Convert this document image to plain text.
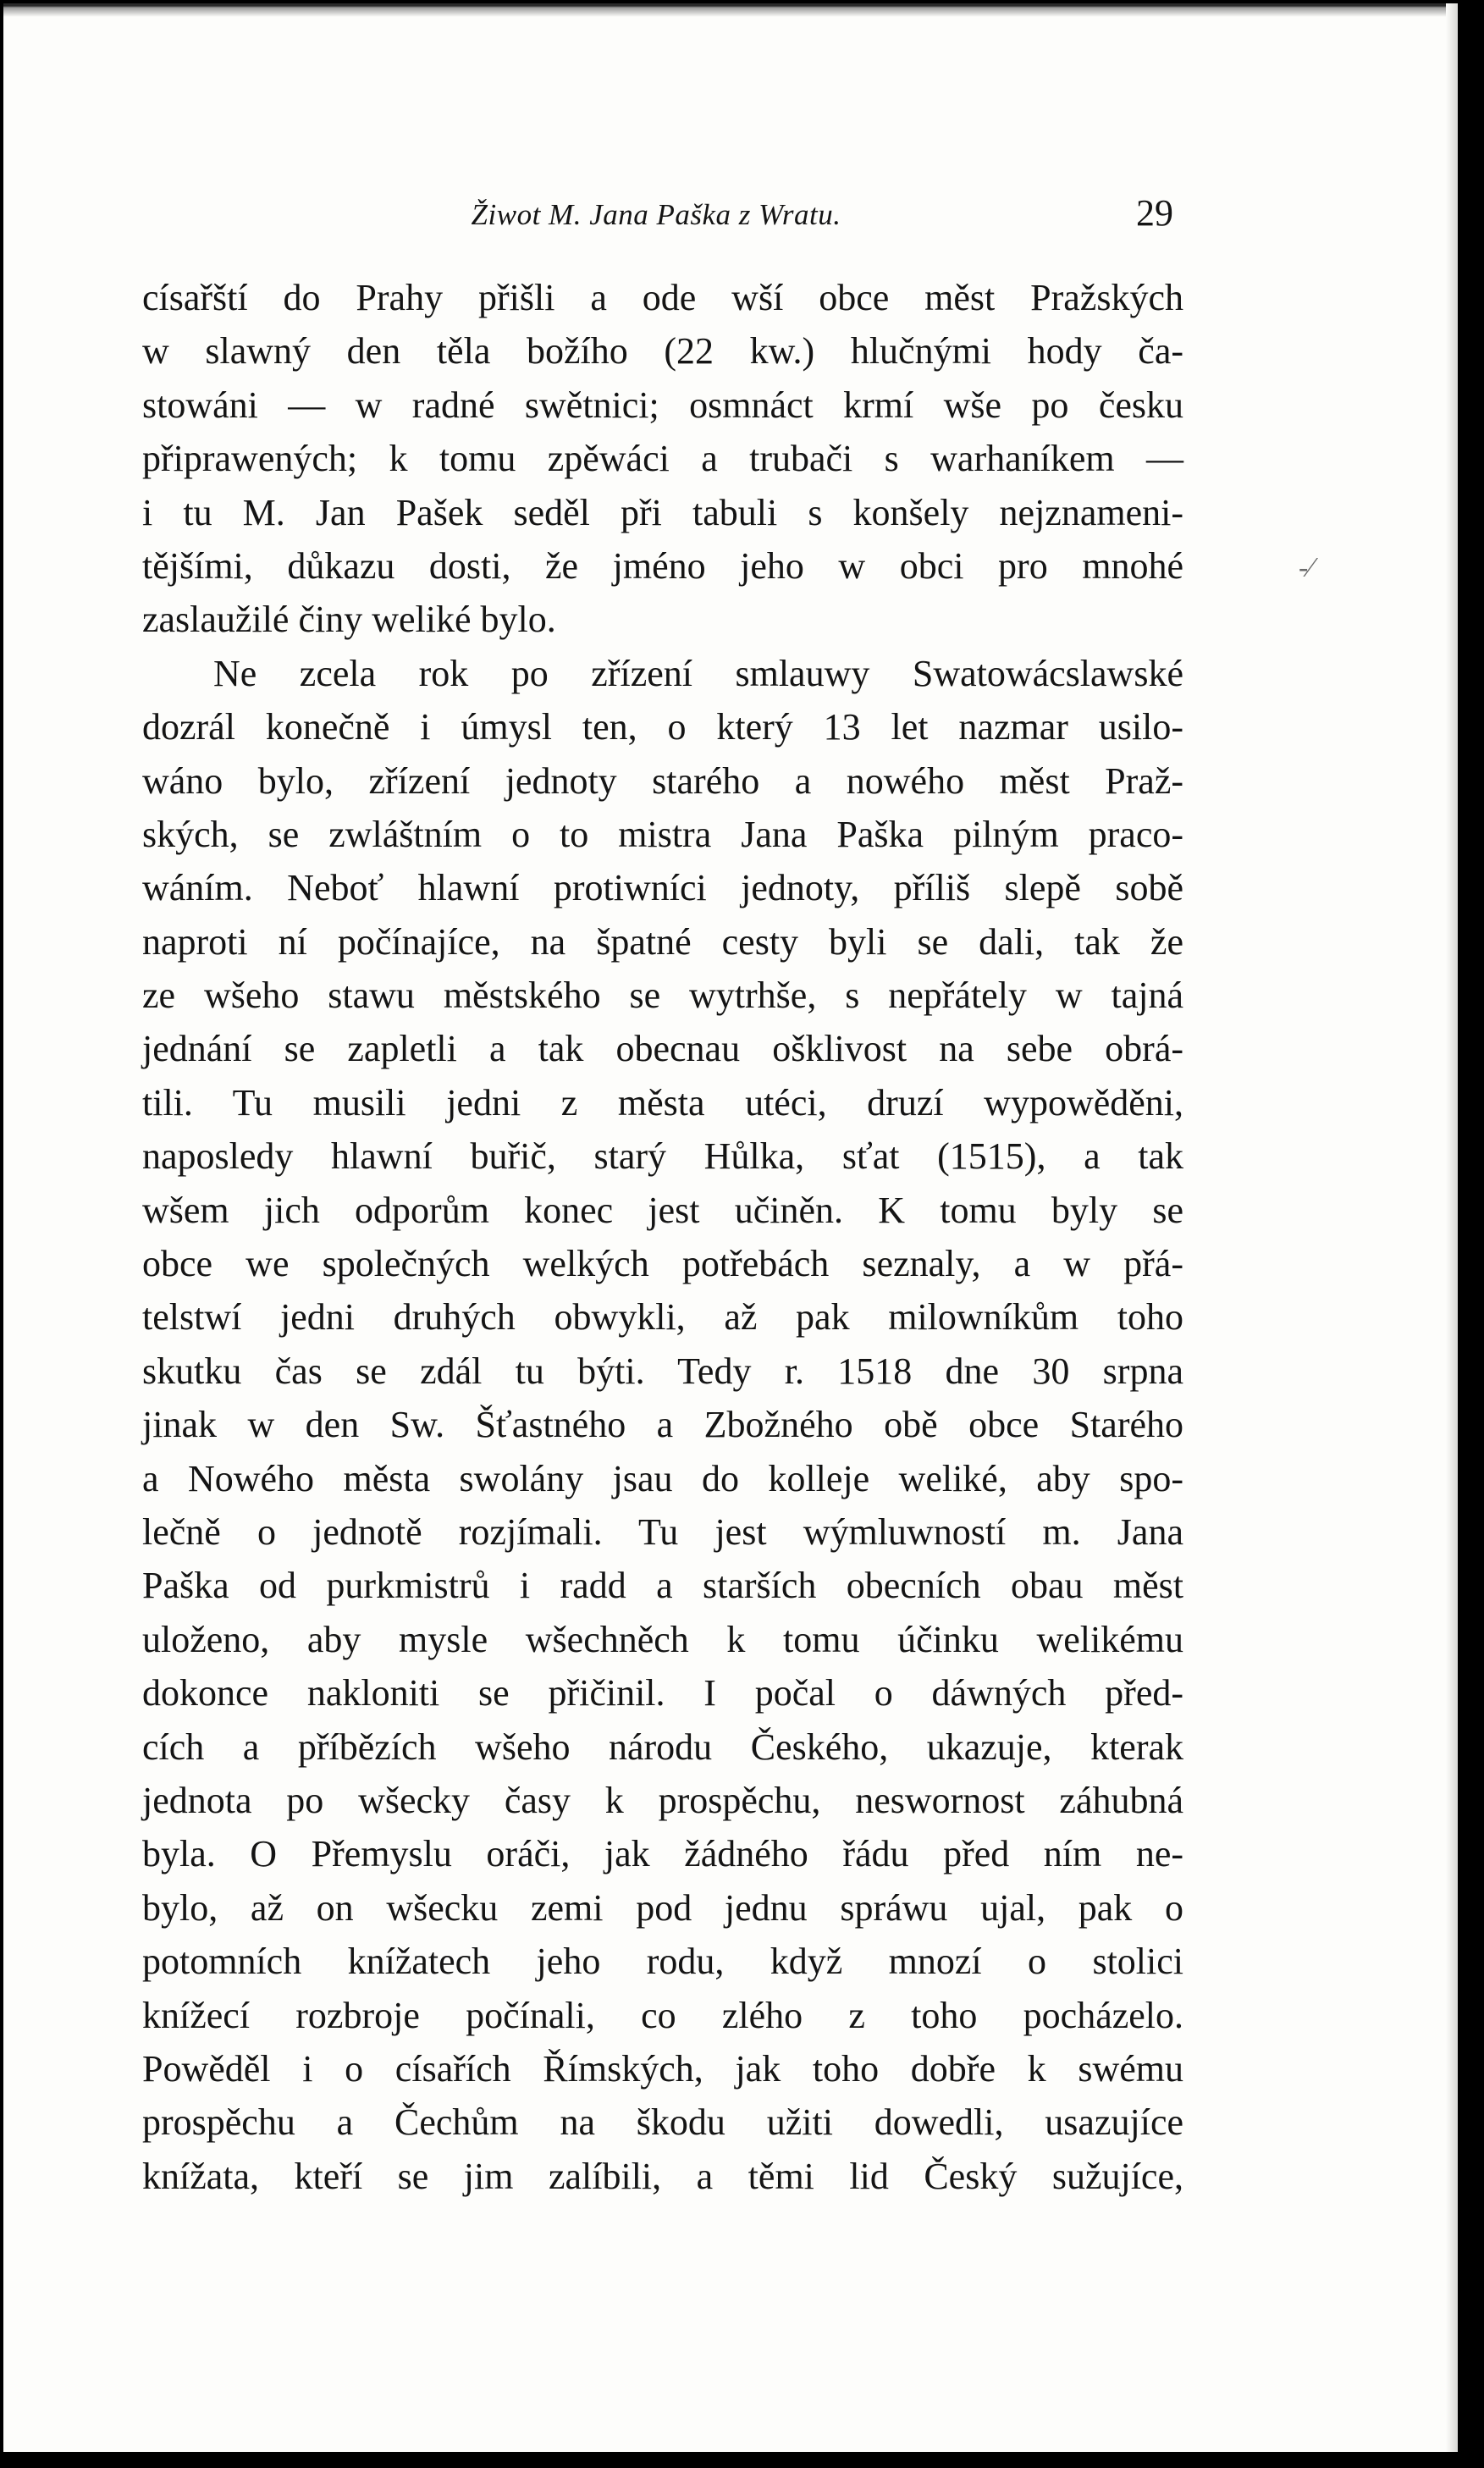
Žiwot M. Jana Paška z Wratu.	29
-⁄
císařští do Prahy přišli a ode wší obce měst Pražských
w slawný den těla božího (22 kw.) hlučnými hody ča-
stowáni — w radné swětnici; osmnáct krmí wše po česku
připrawených; k tomu zpěwáci a trubači s warhaníkem —
i tu M. Jan Pašek seděl při tabuli s konšely nejznameni-
tějšími, důkazu dosti, že jméno jeho w obci pro mnohé
zaslaužilé činy weliké bylo.
Ne zcela rok po zřízení smlauwy Swatowácslawské
dozrál konečně i úmysl ten, o který 13 let nazmar usilo-
wáno bylo, zřízení jednoty starého a nowého měst Praž-
ských, se zwláštním o to mistra Jana Paška pilným praco-
wáním. Neboť hlawní protiwníci jednoty, příliš slepě sobě
naproti ní počínajíce, na špatné cesty byli se dali, tak že
ze wšeho stawu městského se wytrhše, s nepřátely w tajná
jednání se zapletli a tak obecnau ošklivost na sebe obrá-
tili. Tu musili jedni z města utéci, druzí wypowěděni,
naposledy hlawní buřič, starý Hůlka, sťat (1515), a tak
wšem jich odporům konec jest učiněn. K tomu byly se
obce we společných welkých potřebách seznaly, a w přá-
telstwí jedni druhých obwykli, až pak milowníkům toho
skutku čas se zdál tu býti. Tedy r. 1518 dne 30 srpna
jinak w den Sw. Šťastného a Zbožného obě obce Starého
a Nowého města swolány jsau do kolleje weliké, aby spo-
lečně o jednotě rozjímali. Tu jest wýmluwností m. Jana
Paška od purkmistrů i radd a starších obecních obau měst
uloženo, aby mysle wšechněch k tomu účinku welikému
dokonce nakloniti se přičinil. I počal o dáwných před-
cích a příbězích wšeho národu Českého, ukazuje, kterak
jednota po wšecky časy k prospěchu, neswornost záhubná
byla. O Přemyslu oráči, jak žádného řádu před ním ne-
bylo, až on wšecku zemi pod jednu spráwu ujal, pak o
potomních knížatech jeho rodu, když mnozí o stolici
knížecí rozbroje počínali, co zlého z toho pocházelo.
Powěděl i o císařích Římských, jak toho dobře k swému
prospěchu a Čechům na škodu užiti dowedli, usazujíce
knížata, kteří se jim zalíbili, a těmi lid Český sužujíce,
